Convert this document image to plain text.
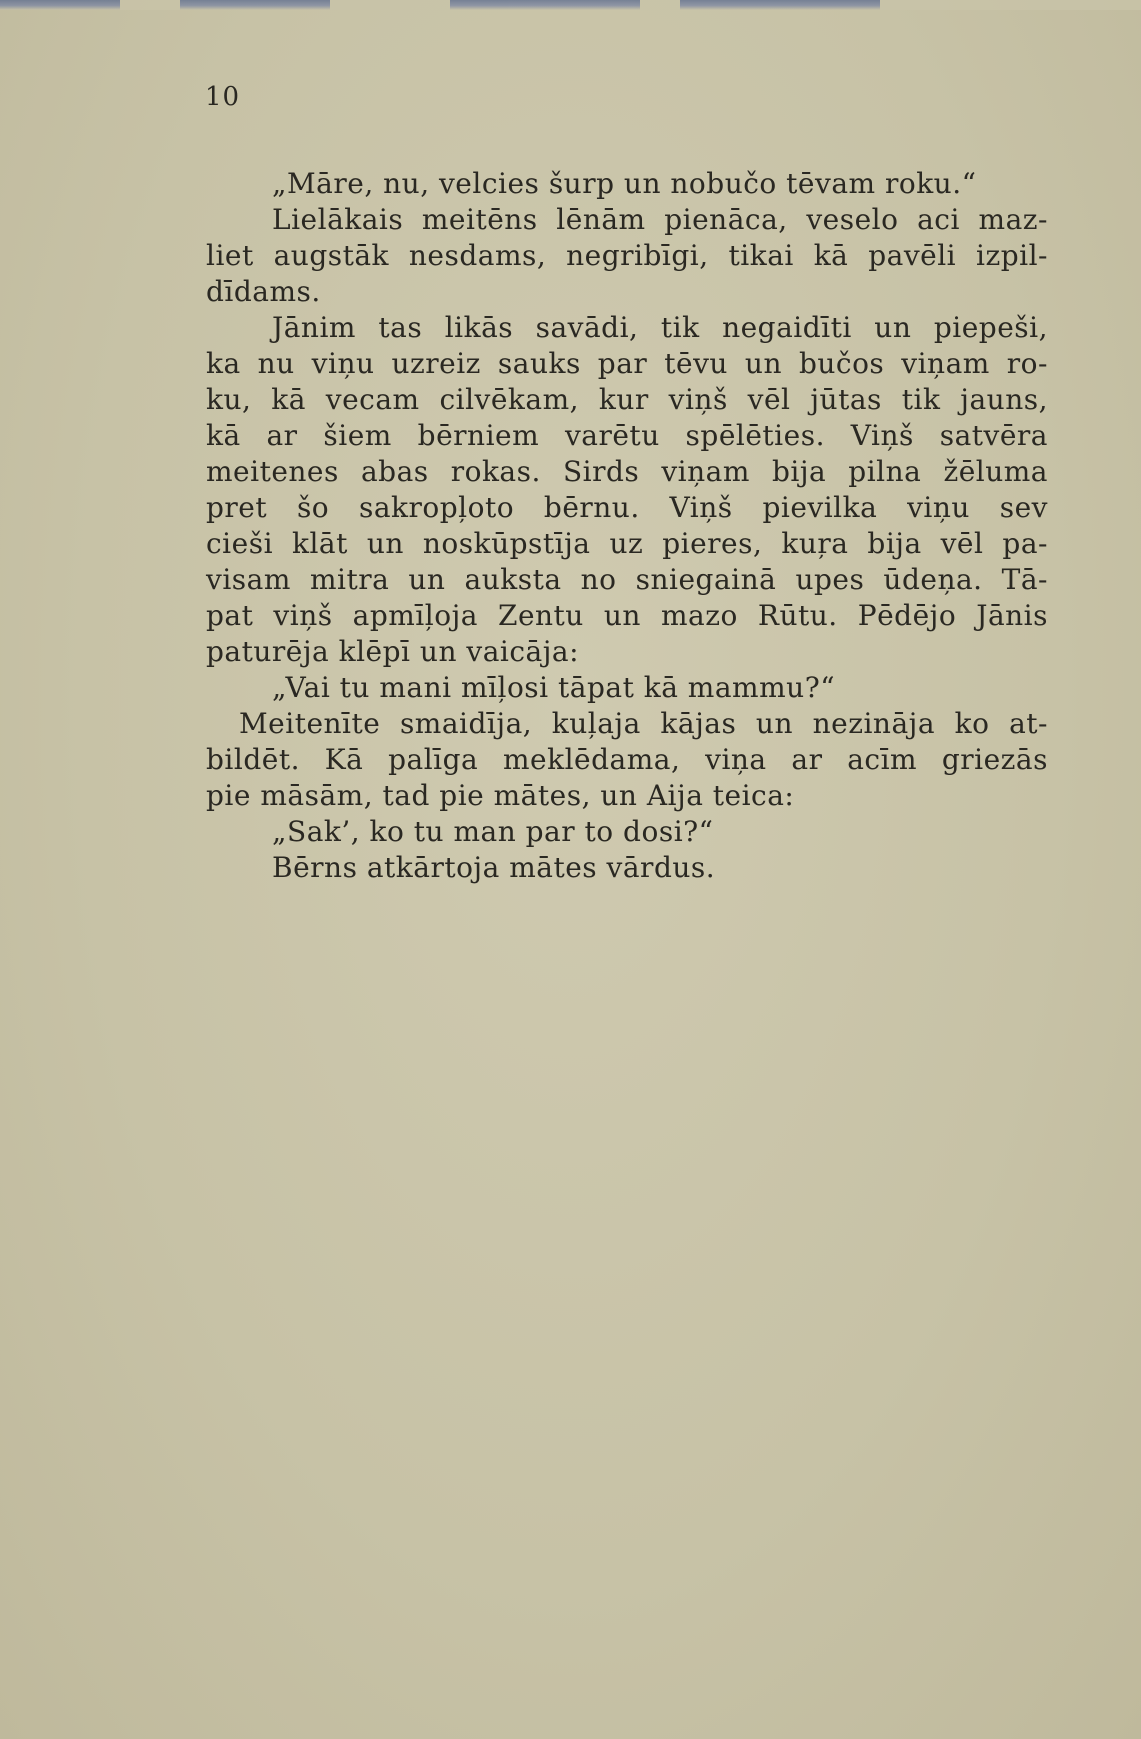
10
„Māre, nu, velcies šurp un nobučo tēvam roku.“
Lielākais meitēns lēnām pienāca, veselo aci maz-
liet augstāk nesdams, negribīgi, tikai kā pavēli izpil-
dīdams.
Jānim tas likās savādi, tik negaidīti un piepeši,
ka nu viņu uzreiz sauks par tēvu un bučos viņam ro-
ku, kā vecam cilvēkam, kur viņš vēl jūtas tik jauns,
kā ar šiem bērniem varētu spēlēties. Viņš satvēra
meitenes abas rokas. Sirds viņam bija pilna žēluma
pret šo sakropļoto bērnu. Viņš pievilka viņu sev
cieši klāt un noskūpstīja uz pieres, kuŗa bija vēl pa-
visam mitra un auksta no sniegainā upes ūdeņa. Tā-
pat viņš apmīļoja Zentu un mazo Rūtu. Pēdējo Jānis
paturēja klēpī un vaicāja:
„Vai tu mani mīļosi tāpat kā mammu?“
Meitenīte smaidīja, kuļaja kājas un nezināja ko at-
bildēt. Kā palīga meklēdama, viņa ar acīm griezās
pie māsām, tad pie mātes, un Aija teica:
„Sak’, ko tu man par to dosi?“
Bērns atkārtoja mātes vārdus.
